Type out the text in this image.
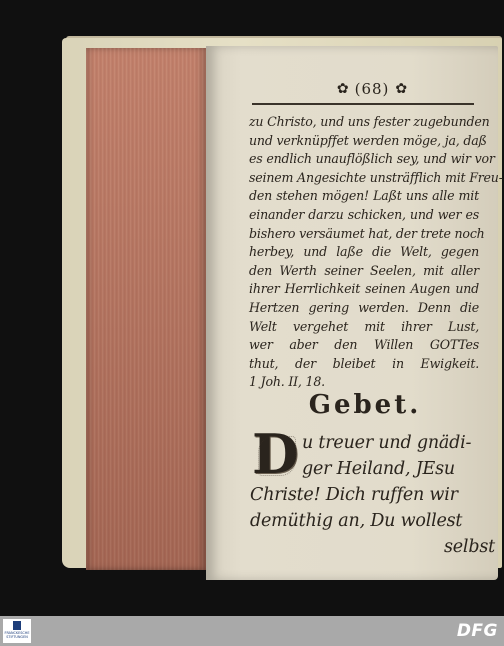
✿ (68) ✿
zu Christo, und uns fester zugebunden
und verknüpffet werden möge, ja, daß
es endlich unauflößlich sey, und wir vor
seinem Angesichte unsträfflich mit Freu-
den stehen mögen! Laßt uns alle mit
einander darzu schicken, und wer es
bishero versäumet hat, der trete noch
herbey, und laße die Welt, gegen
den Werth seiner Seelen, mit aller
ihrer Herrlichkeit seinen Augen und
Hertzen gering werden. Denn die
Welt vergehet mit ihrer Lust,
wer aber den Willen GOTTes
thut, der bleibet in Ewigkeit.
1 Joh. II, 18.
Gebet.
D u treuer und gnädi-
ger Heiland, JEsu
Christe! Dich ruffen wir
demüthig an, Du wollest
selbst
FRANCKESCHE STIFTUNGEN	DFG
